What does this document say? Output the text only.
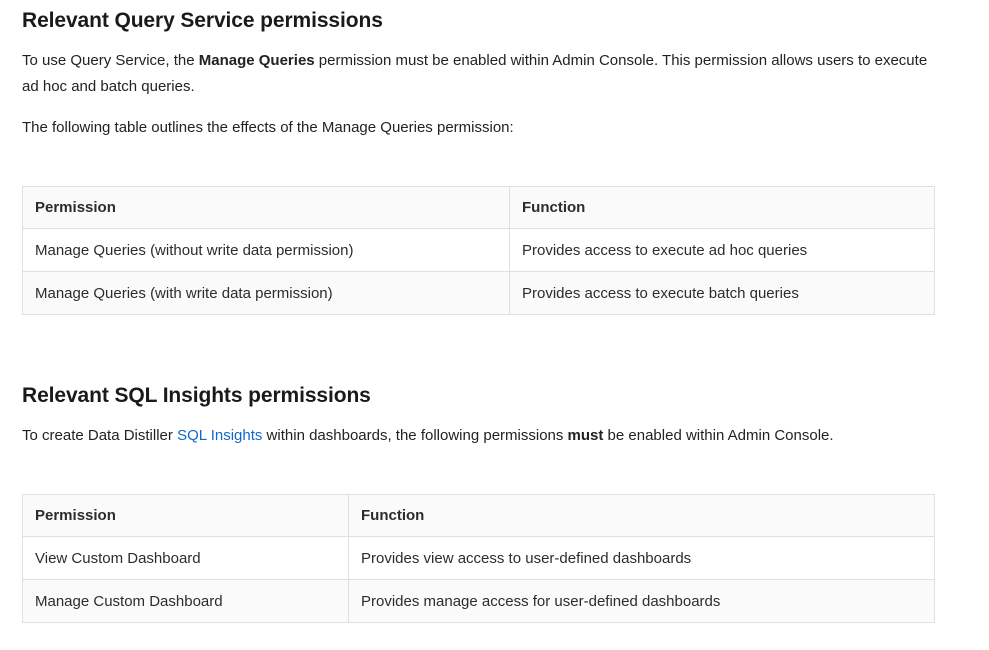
Relevant Query Service permissions

To use Query Service, the Manage Queries permission must be enabled within Admin Console. This permission allows users to execute ad hoc and batch queries.

The following table outlines the effects of the Manage Queries permission:

Permission	Function
Manage Queries (without write data permission)	Provides access to execute ad hoc queries
Manage Queries (with write data permission)	Provides access to execute batch queries
Relevant SQL Insights permissions

To create Data Distiller SQL Insights within dashboards, the following permissions must be enabled within Admin Console.

Permission	Function
View Custom Dashboard	Provides view access to user-defined dashboards
Manage Custom Dashboard	Provides manage access for user-defined dashboards
